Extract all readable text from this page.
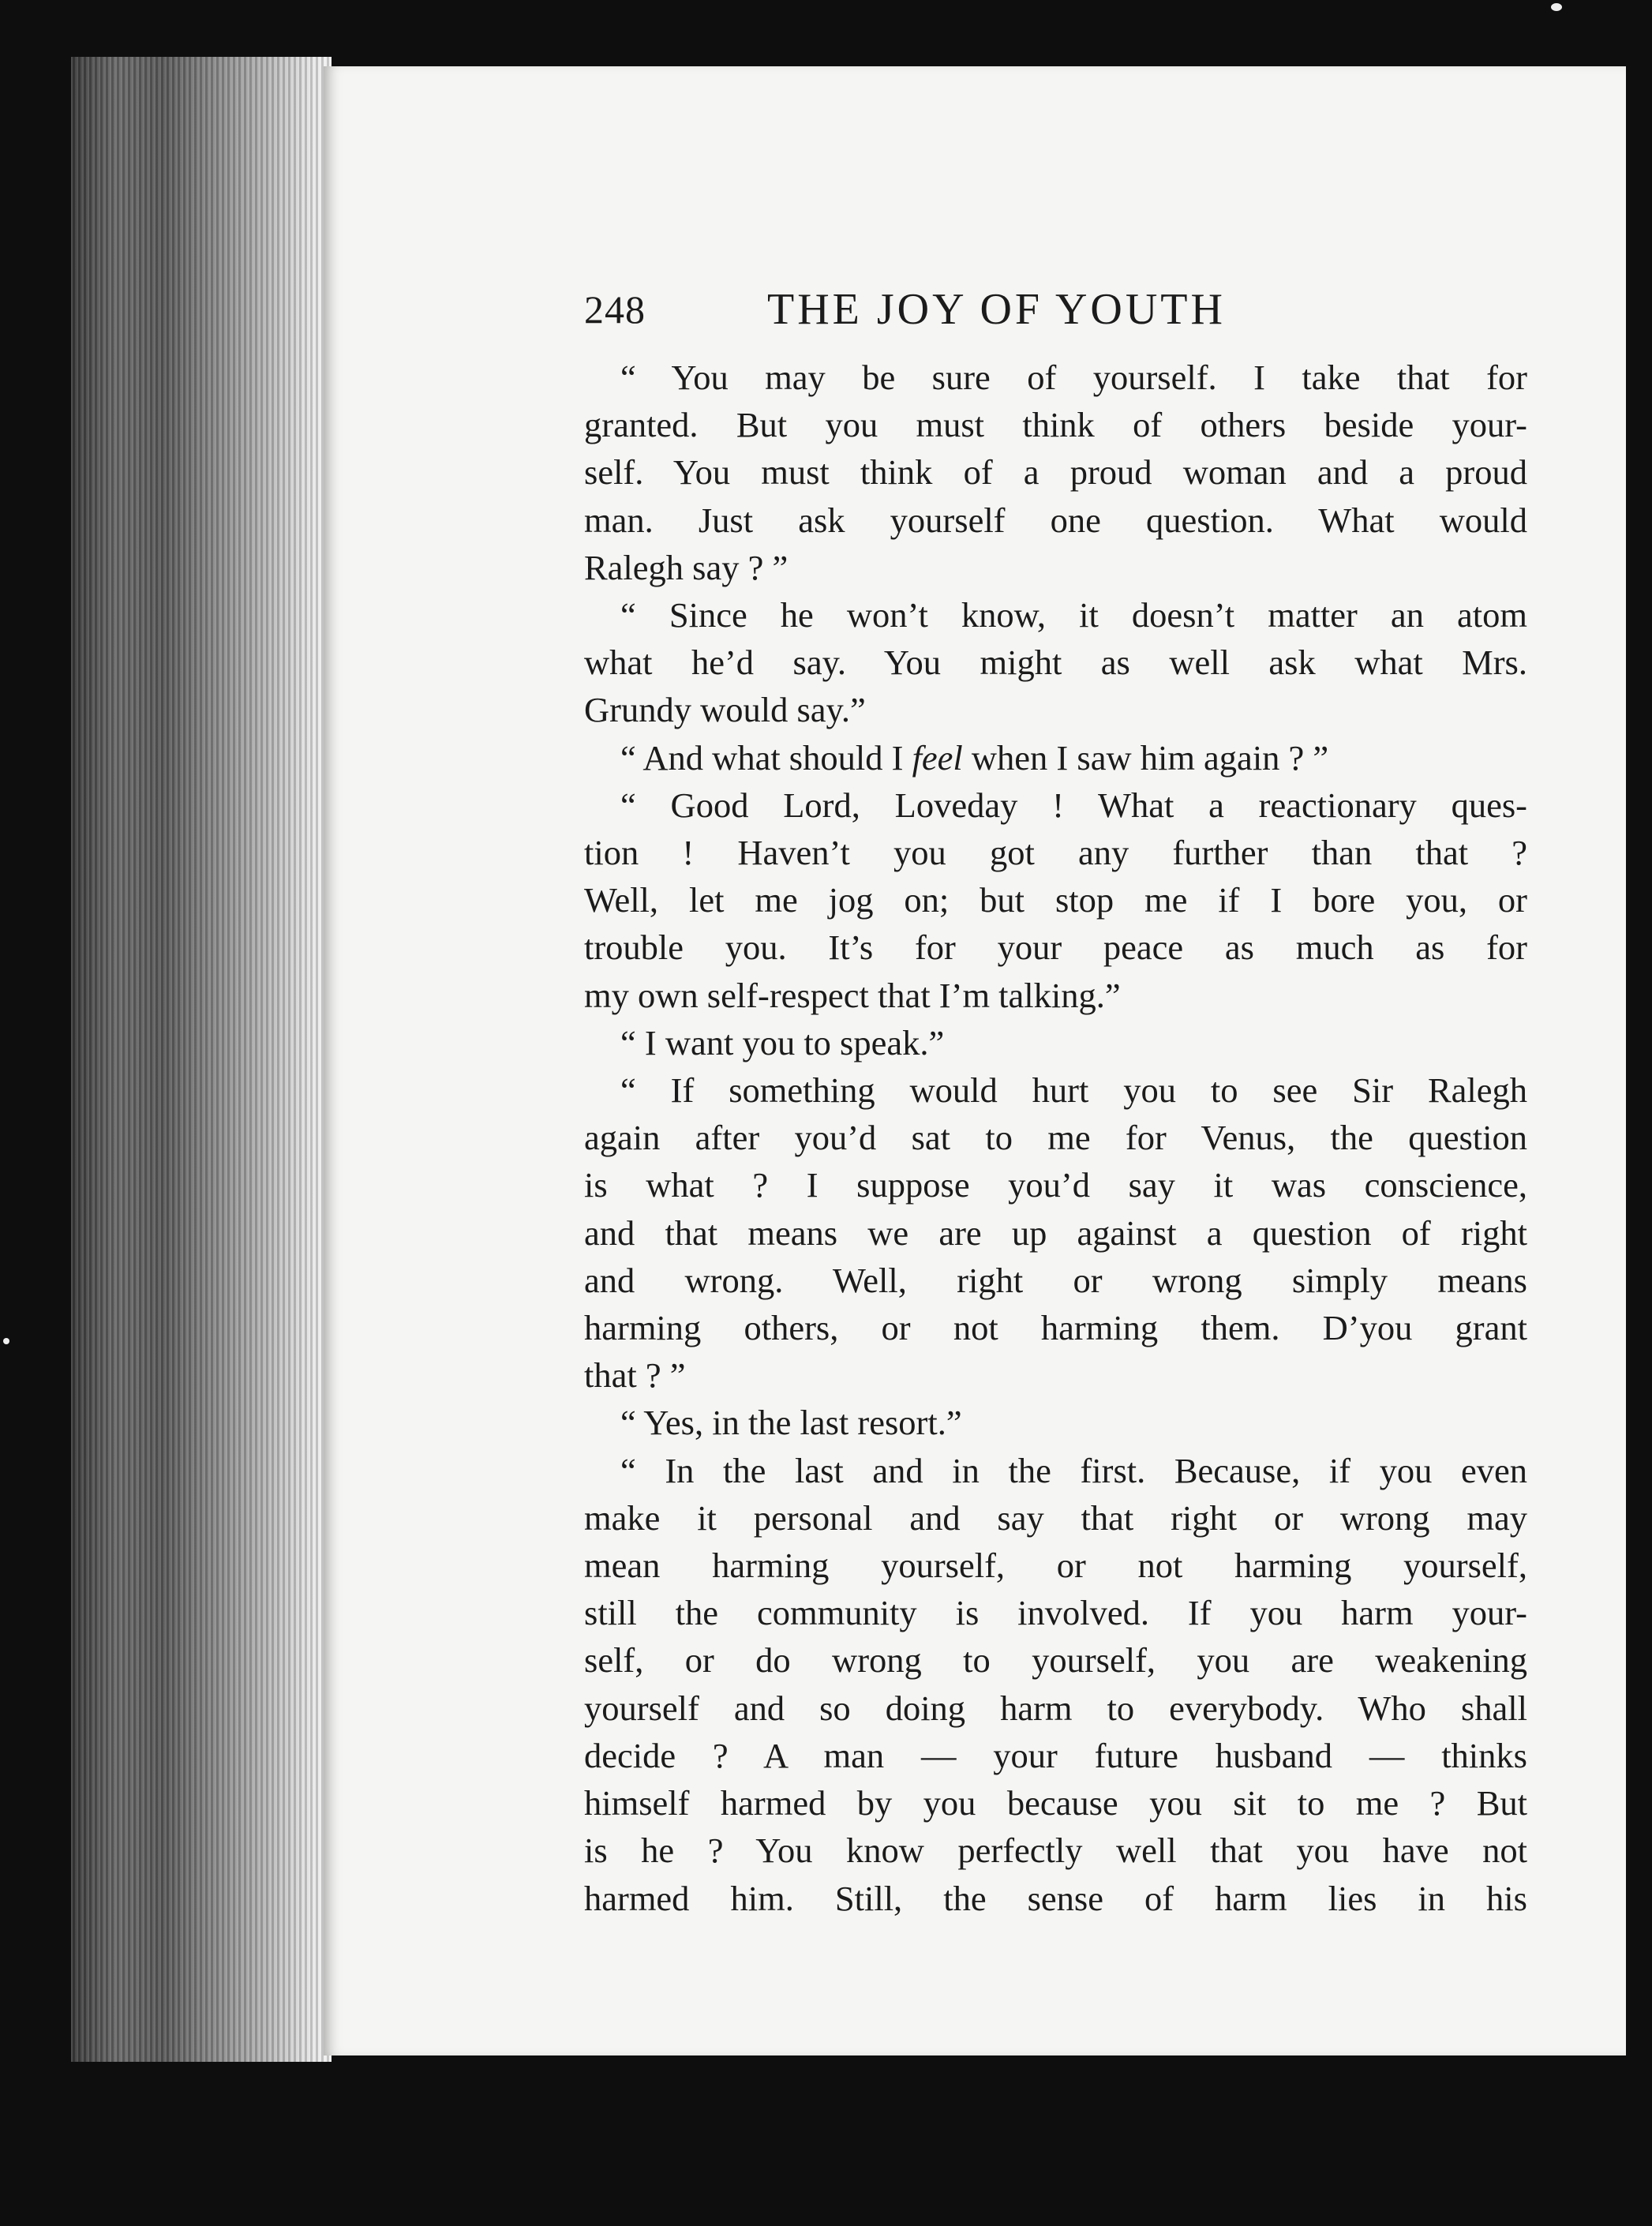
248	THE JOY OF YOUTH

“ You may be sure of yourself. I take that for
granted. But you must think of others beside your-
self. You must think of a proud woman and a proud
man. Just ask yourself one question. What would
Ralegh say ? ”

“ Since he won’t know, it doesn’t matter an atom
what he’d say. You might as well ask what Mrs.
Grundy would say.”

“ And what should I feel when I saw him again ? ”

“ Good Lord, Loveday ! What a reactionary ques-
tion ! Haven’t you got any further than that ?
Well, let me jog on; but stop me if I bore you, or
trouble you. It’s for your peace as much as for
my own self-respect that I’m talking.”

“ I want you to speak.”

“ If something would hurt you to see Sir Ralegh
again after you’d sat to me for Venus, the question
is what ? I suppose you’d say it was conscience,
and that means we are up against a question of right
and wrong. Well, right or wrong simply means
harming others, or not harming them. D’you grant
that ? ”

“ Yes, in the last resort.”

“ In the last and in the first. Because, if you even
make it personal and say that right or wrong may
mean harming yourself, or not harming yourself,
still the community is involved. If you harm your-
self, or do wrong to yourself, you are weakening
yourself and so doing harm to everybody. Who shall
decide ? A man — your future husband — thinks
himself harmed by you because you sit to me ? But
is he ? You know perfectly well that you have not
harmed him. Still, the sense of harm lies in his
